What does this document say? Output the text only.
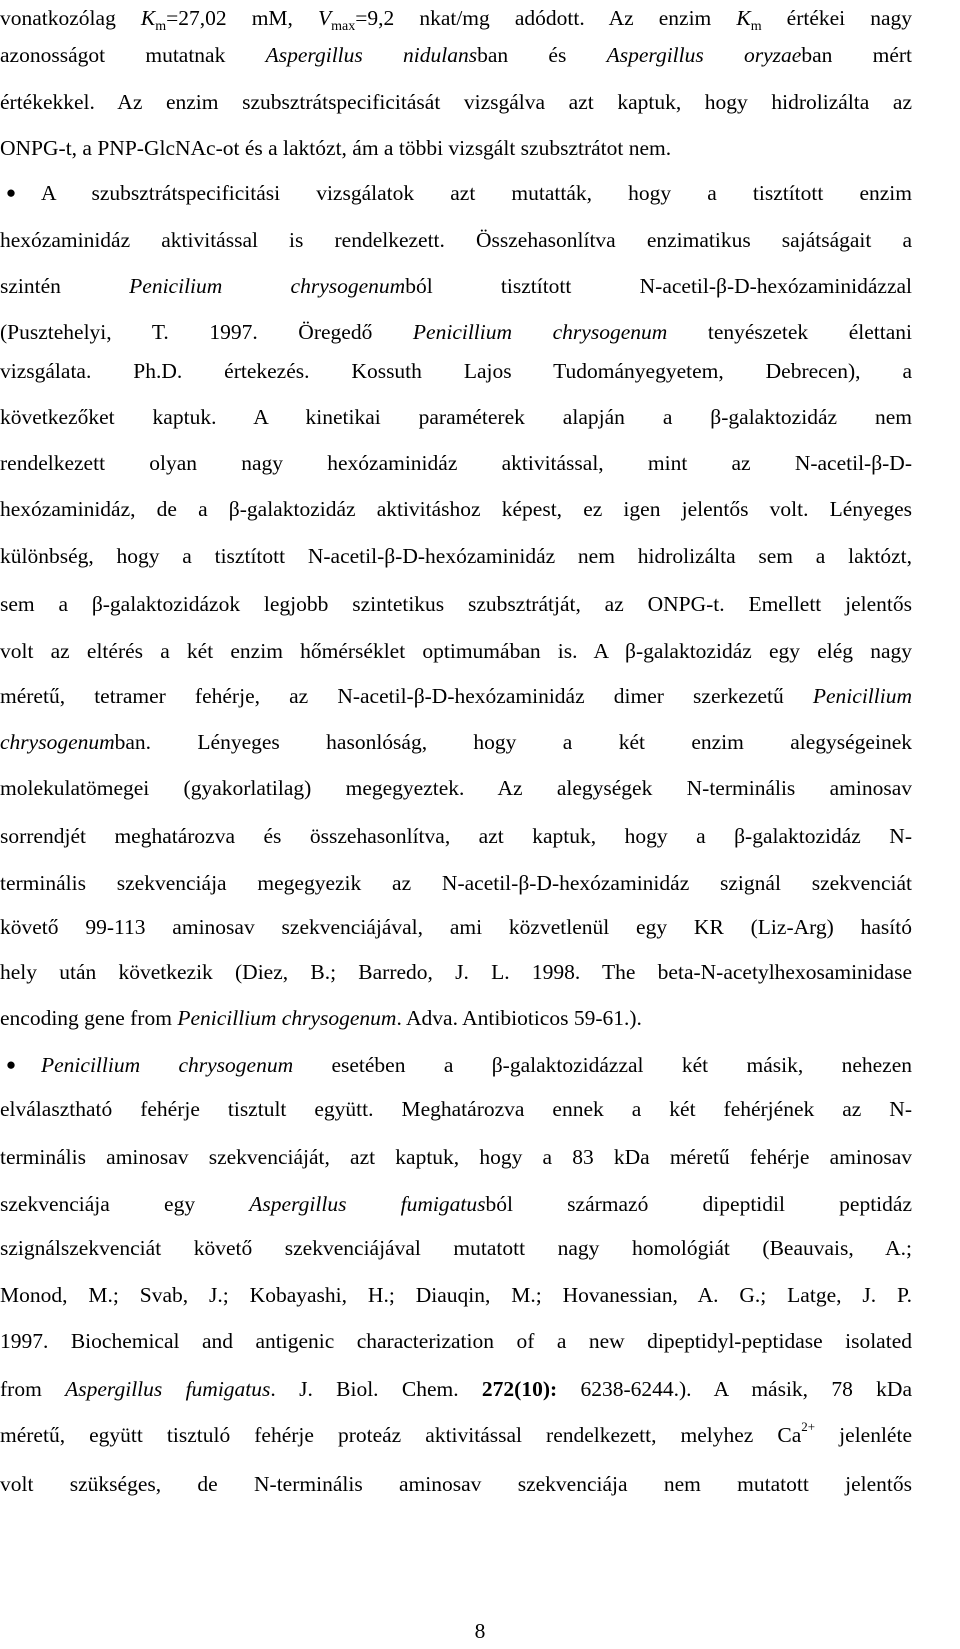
vonatkozólag $K_m=27,02$ mM, $V_{max}=9,2$ nkat/mg adódott. Az enzim $K_m$ értékei nagy
azonosságot mutatnak Aspergillus nidulansban és Aspergillus oryzaeban mért
értékekkel. Az enzim szubsztrátspecificitását vizsgálva azt kaptuk, hogy hidrolizálta az
ONPG-t, a PNP-GlcNAc-ot és a laktózt, ám a többi vizsgált szubsztrátot nem.
● A szubsztrátspecificitási vizsgálatok azt mutatták, hogy a tisztított enzim
hexózaminidáz aktivitással is rendelkezett. Összehasonlítva enzimatikus sajátságait a
szintén Penicilium chrysogenumból tisztított N-acetil-β-D-hexózaminidázzal
(Pusztehelyi, T. 1997. Öregedő Penicillium chrysogenum tenyészetek élettani
vizsgálata. Ph.D. értekezés. Kossuth Lajos Tudományegyetem, Debrecen), a
következőket kaptuk. A kinetikai paraméterek alapján a β-galaktozidáz nem
rendelkezett olyan nagy hexózaminidáz aktivitással, mint az N-acetil-β-D-
hexózaminidáz, de a β-galaktozidáz aktivitáshoz képest, ez igen jelentős volt. Lényeges
különbség, hogy a tisztított N-acetil-β-D-hexózaminidáz nem hidrolizálta sem a laktózt,
sem a β-galaktozidázok legjobb szintetikus szubsztrátját, az ONPG-t. Emellett jelentős
volt az eltérés a két enzim hőmérséklet optimumában is. A β-galaktozidáz egy elég nagy
méretű, tetramer fehérje, az N-acetil-β-D-hexózaminidáz dimer szerkezetű Penicillium
chrysogenumban. Lényeges hasonlóság, hogy a két enzim alegységeinek
molekulatömegei (gyakorlatilag) megegyeztek. Az alegységek N-terminális aminosav
sorrendjét meghatározva és összehasonlítva, azt kaptuk, hogy a β-galaktozidáz N-
terminális szekvenciája megegyezik az N-acetil-β-D-hexózaminidáz szignál szekvenciát
követő 99-113 aminosav szekvenciájával, ami közvetlenül egy KR (Liz-Arg) hasító
hely után következik (Diez, B.; Barredo, J. L. 1998. The beta-N-acetylhexosaminidase
encoding gene from Penicillium chrysogenum. Adva. Antibioticos 59-61.).
● Penicillium chrysogenum esetében a β-galaktozidázzal két másik, nehezen
elválasztható fehérje tisztult együtt. Meghatározva ennek a két fehérjének az N-
terminális aminosav szekvenciáját, azt kaptuk, hogy a 83 kDa méretű fehérje aminosav
szekvenciája egy Aspergillus fumigatusból származó dipeptidil peptidáz
szignálszekvenciát követő szekvenciájával mutatott nagy homológiát (Beauvais, A.;
Monod, M.; Svab, J.; Kobayashi, H.; Diauqin, M.; Hovanessian, A. G.; Latge, J. P.
1997. Biochemical and antigenic characterization of a new dipeptidyl-peptidase isolated
from Aspergillus fumigatus. J. Biol. Chem. 272(10): 6238-6244.). A másik, 78 kDa
méretű, együtt tisztuló fehérje proteáz aktivitással rendelkezett, melyhez $Ca^{2+}$ jelenléte
volt szükséges, de N-terminális aminosav szekvenciája nem mutatott jelentős
8
